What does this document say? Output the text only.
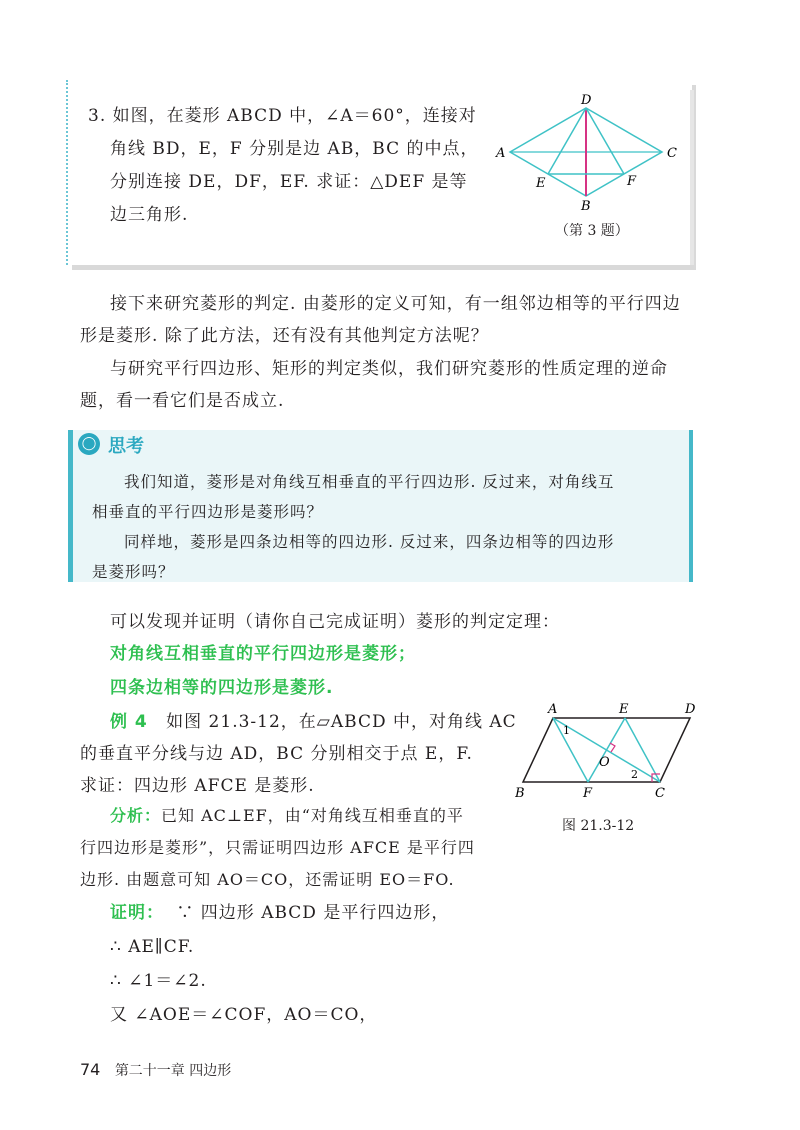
3. 如图，在菱形 ABCD 中，∠A＝60°，连接对
角线 BD，E，F 分别是边 AB，BC 的中点，
分别连接 DE，DF，EF. 求证：△DEF 是等
边三角形.
D
A	C
B
E	F
（第 3 题）
接下来研究菱形的判定. 由菱形的定义可知，有一组邻边相等的平行四边
形是菱形. 除了此方法，还有没有其他判定方法呢？
与研究平行四边形、矩形的判定类似，我们研究菱形的性质定理的逆命
题，看一看它们是否成立.
◯ 思考
我们知道，菱形是对角线互相垂直的平行四边形. 反过来，对角线互
相垂直的平行四边形是菱形吗？
同样地，菱形是四条边相等的四边形. 反过来，四条边相等的四边形
是菱形吗？
可以发现并证明（请你自己完成证明）菱形的判定定理：
对角线互相垂直的平行四边形是菱形；
四条边相等的四边形是菱形.
例 4 如图 21.3-12，在▱ABCD 中，对角线 AC
的垂直平分线与边 AD，BC 分别相交于点 E，F.
求证：四边形 AFCE 是菱形.
分析：已知 AC⊥EF，由“对角线互相垂直的平
行四边形是菱形”，只需证明四边形 AFCE 是平行四
边形. 由题意可知 AO＝CO，还需证明 EO＝FO.
证明： ∵ 四边形 ABCD 是平行四边形，
∴ AE∥CF.
∴ ∠1＝∠2.
又 ∠AOE＝∠COF，AO＝CO，
A	E	D
B	F	C
O
1
2
图 21.3-12
74 第二十一章 四边形
